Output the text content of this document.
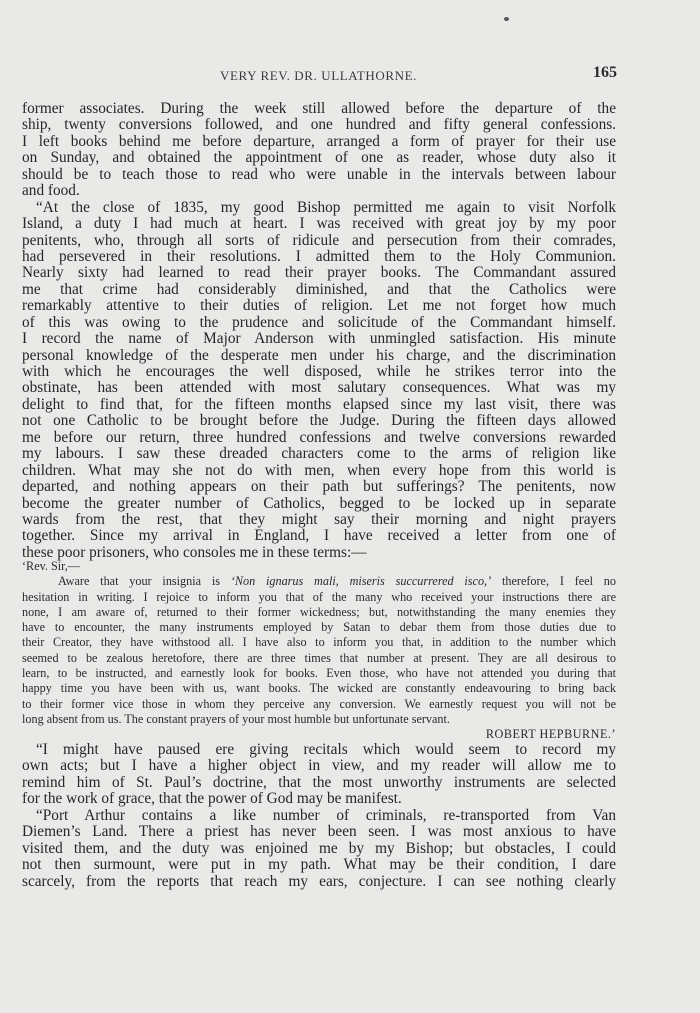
VERY REV. DR. ULLATHORNE.	165
former associates. During the week still allowed before the departure of the
ship, twenty conversions followed, and one hundred and fifty general confessions.
I left books behind me before departure, arranged a form of prayer for their use
on Sunday, and obtained the appointment of one as reader, whose duty also it
should be to teach those to read who were unable in the intervals between labour
and food.
“At the close of 1835, my good Bishop permitted me again to visit Norfolk
Island, a duty I had much at heart. I was received with great joy by my poor
penitents, who, through all sorts of ridicule and persecution from their comrades,
had persevered in their resolutions. I admitted them to the Holy Communion.
Nearly sixty had learned to read their prayer books. The Commandant assured
me that crime had considerably diminished, and that the Catholics were
remarkably attentive to their duties of religion. Let me not forget how much
of this was owing to the prudence and solicitude of the Commandant himself.
I record the name of Major Anderson with unmingled satisfaction. His minute
personal knowledge of the desperate men under his charge, and the discrimination
with which he encourages the well disposed, while he strikes terror into the
obstinate, has been attended with most salutary consequences. What was my
delight to find that, for the fifteen months elapsed since my last visit, there was
not one Catholic to be brought before the Judge. During the fifteen days allowed
me before our return, three hundred confessions and twelve conversions rewarded
my labours. I saw these dreaded characters come to the arms of religion like
children. What may she not do with men, when every hope from this world is
departed, and nothing appears on their path but sufferings? The penitents, now
become the greater number of Catholics, begged to be locked up in separate
wards from the rest, that they might say their morning and night prayers
together. Since my arrival in England, I have received a letter from one of
these poor prisoners, who consoles me in these terms:—
‘Rev. Sir,—
Aware that your insignia is ‘Non ignarus mali, miseris succurrered isco,’ therefore, I feel no
hesitation in writing. I rejoice to inform you that of the many who received your instructions there are
none, I am aware of, returned to their former wickedness; but, notwithstanding the many enemies they
have to encounter, the many instruments employed by Satan to debar them from those duties due to
their Creator, they have withstood all. I have also to inform you that, in addition to the number which
seemed to be zealous heretofore, there are three times that number at present. They are all desirous to
learn, to be instructed, and earnestly look for books. Even those, who have not attended you during that
happy time you have been with us, want books. The wicked are constantly endeavouring to bring back
to their former vice those in whom they perceive any conversion. We earnestly request you will not be
long absent from us. The constant prayers of your most humble but unfortunate servant.
ROBERT HEPBURNE.’
“I might have paused ere giving recitals which would seem to record my
own acts; but I have a higher object in view, and my reader will allow me to
remind him of St. Paul’s doctrine, that the most unworthy instruments are selected
for the work of grace, that the power of God may be manifest.
“Port Arthur contains a like number of criminals, re-transported from Van
Diemen’s Land. There a priest has never been seen. I was most anxious to have
visited them, and the duty was enjoined me by my Bishop; but obstacles, I could
not then surmount, were put in my path. What may be their condition, I dare
scarcely, from the reports that reach my ears, conjecture. I can see nothing clearly
